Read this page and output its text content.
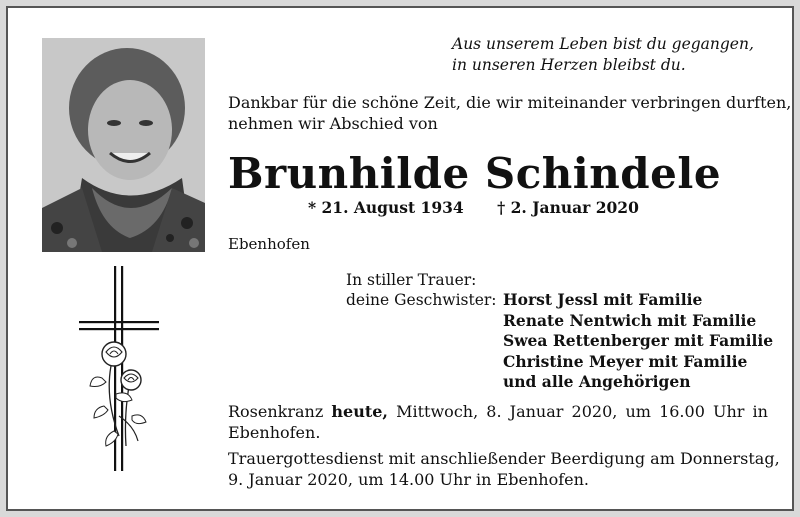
Aus unserem Leben bist du gegangen,
in unseren Herzen bleibst du.
Dankbar für die schöne Zeit, die wir miteinander verbringen durften,
nehmen wir Abschied von
Brunhilde Schindele
* 21. August 1934 † 2. Januar 2020
Ebenhofen
In stiller Trauer:
deine Geschwister: Horst Jessl mit Familie
Renate Nentwich mit Familie
Swea Rettenberger mit Familie
Christine Meyer mit Familie
und alle Angehörigen
Rosenkranz heute, Mittwoch, 8. Januar 2020, um 16.00 Uhr in Ebenhofen.
Trauergottesdienst mit anschließender Beerdigung am Donnerstag,
9. Januar 2020, um 14.00 Uhr in Ebenhofen.
